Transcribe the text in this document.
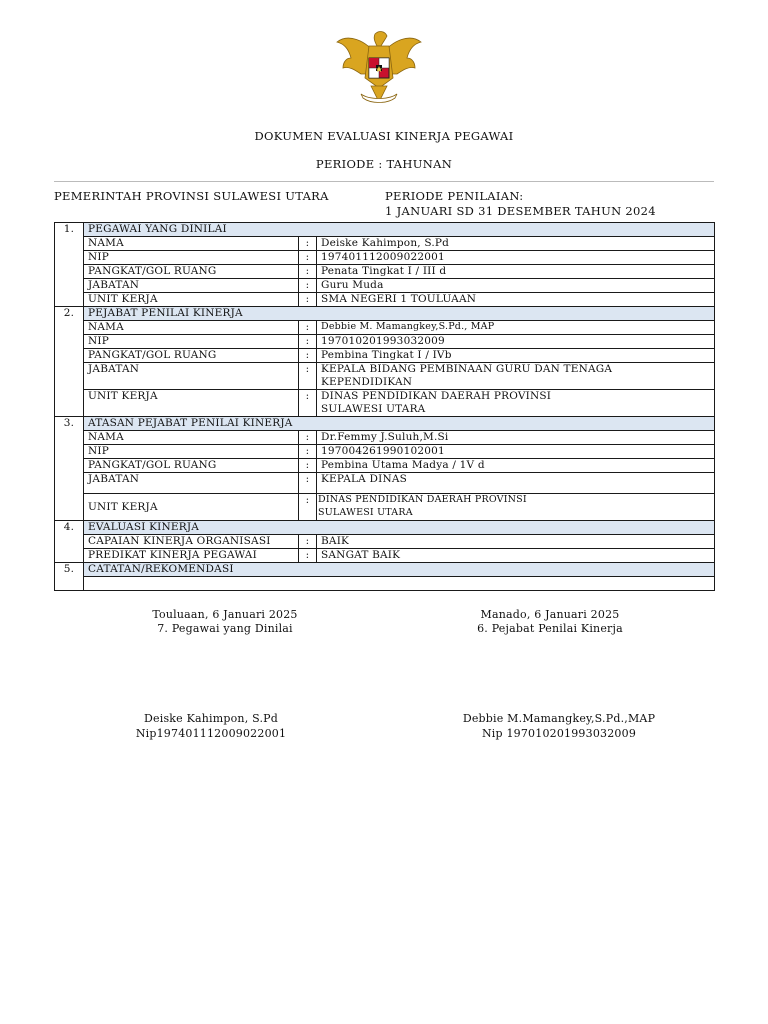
DOKUMEN EVALUASI KINERJA PEGAWAI
PERIODE : TAHUNAN
PEMERINTAH PROVINSI SULAWESI UTARA	PERIODE PENILAIAN:
1 JANUARI SD 31 DESEMBER TAHUN 2024
1.	PEGAWAI YANG DINILAI		
	NAMA	:	Deiske Kahimpon, S.Pd
	NIP	:	197401112009022001
	PANGKAT/GOL RUANG	:	Penata Tingkat I / III d
	JABATAN	:	Guru Muda
	UNIT KERJA	:	SMA NEGERI 1 TOULUAAN
2.	PEJABAT PENILAI KINERJA		
	NAMA	:	Debbie M. Mamangkey,S.Pd., MAP
	NIP	:	197010201993032009
	PANGKAT/GOL RUANG	:	Pembina Tingkat I / IVb
	JABATAN	:	KEPALA BIDANG PEMBINAAN GURU DAN TENAGA
KEPENDIDIKAN

	UNIT KERJA	:	DINAS PENDIDIKAN DAERAH PROVINSI
SULAWESI UTARA

3.	ATASAN PEJABAT PENILAI KINERJA		
	NAMA	:	Dr.Femmy J.Suluh,M.Si
	NIP	:	197004261990102001
	PANGKAT/GOL RUANG	:	Pembina Utama Madya / 1V d
	JABATAN	:	KEPALA DINAS
	UNIT KERJA	:	DINAS PENDIDIKAN DAERAH PROVINSI
SULAWESI UTARA

4.	EVALUASI KINERJA		
	CAPAIAN KINERJA ORGANISASI	:	BAIK
	PREDIKAT KINERJA PEGAWAI	:	SANGAT BAIK
5.	CATATAN/REKOMENDASI		

Touluaan, 6 Januari 2025
7. Pegawai yang Dinilai
Deiske Kahimpon, S.Pd
Nip197401112009022001
Manado, 6 Januari 2025
6. Pejabat Penilai Kinerja
Debbie M.Mamangkey,S.Pd.,MAP
Nip 197010201993032009
